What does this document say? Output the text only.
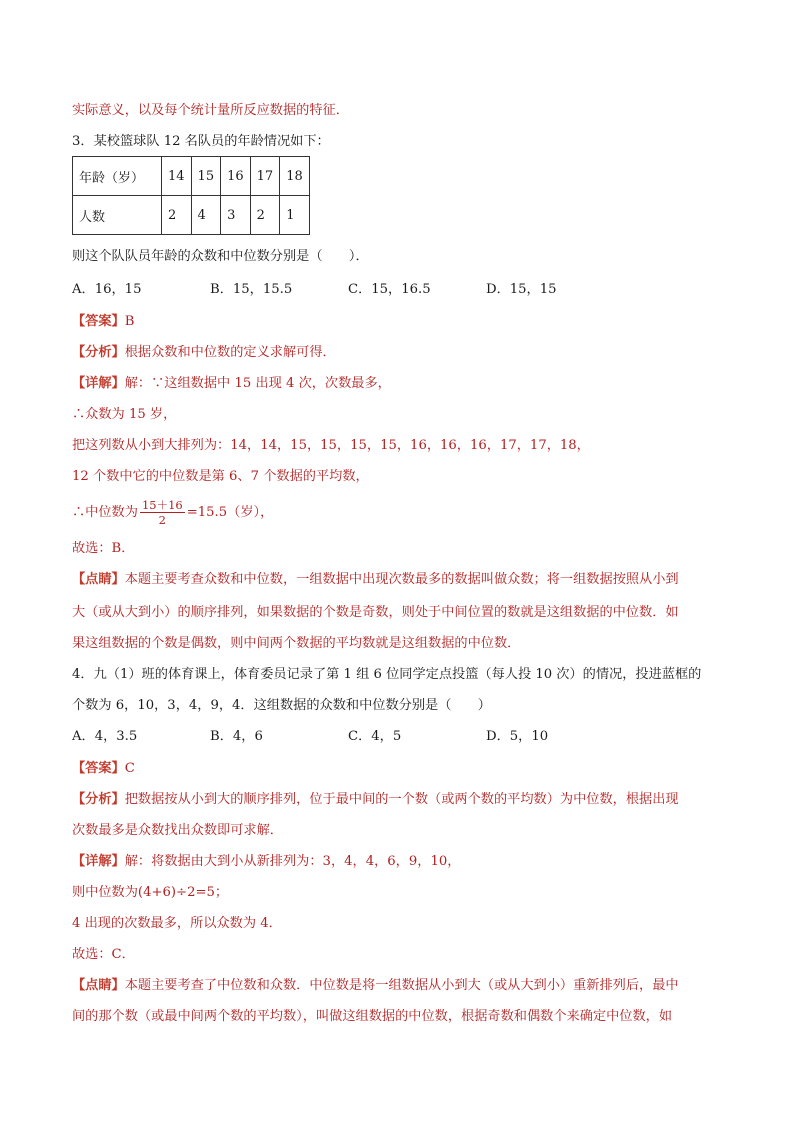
实际意义，以及每个统计量所反应数据的特征．
3．某校篮球队 12 名队员的年龄情况如下：
年龄（岁）	14	15	16	17	18
人数	2	4	3	2	1
则这个队队员年龄的众数和中位数分别是（　　）．
A．16，15	B．15，15.5	C．15，16.5	D．15，15
【答案】B
【分析】根据众数和中位数的定义求解可得．
【详解】解：∵这组数据中 15 出现 4 次，次数最多，
∴众数为 15 岁，
把这列数从小到大排列为：14，14，15，15，15，15，16，16，16，17，17，18，
12 个数中它的中位数是第 6、7 个数据的平均数，
∴中位数为 $\frac{15+16}{2} =15.5$（岁），
故选：B．
【点睛】本题主要考查众数和中位数，一组数据中出现次数最多的数据叫做众数；将一组数据按照从小到
大（或从大到小）的顺序排列，如果数据的个数是奇数，则处于中间位置的数就是这组数据的中位数．如
果这组数据的个数是偶数，则中间两个数据的平均数就是这组数据的中位数．
4．九（1）班的体育课上，体育委员记录了第 1 组 6 位同学定点投篮（每人投 10 次）的情况，投进蓝框的
个数为 6，10，3，4，9，4．这组数据的众数和中位数分别是（　　）
A．4，3.5	B．4，6	C．4，5	D．5，10
【答案】C
【分析】把数据按从小到大的顺序排列，位于最中间的一个数（或两个数的平均数）为中位数，根据出现
次数最多是众数找出众数即可求解．
【详解】解：将数据由大到小从新排列为：3，4，4，6，9，10，
则中位数为(4+6)÷2=5；
4 出现的次数最多，所以众数为 4．
故选：C．
【点睛】本题主要考查了中位数和众数．中位数是将一组数据从小到大（或从大到小）重新排列后，最中
间的那个数（或最中间两个数的平均数），叫做这组数据的中位数，根据奇数和偶数个来确定中位数，如
